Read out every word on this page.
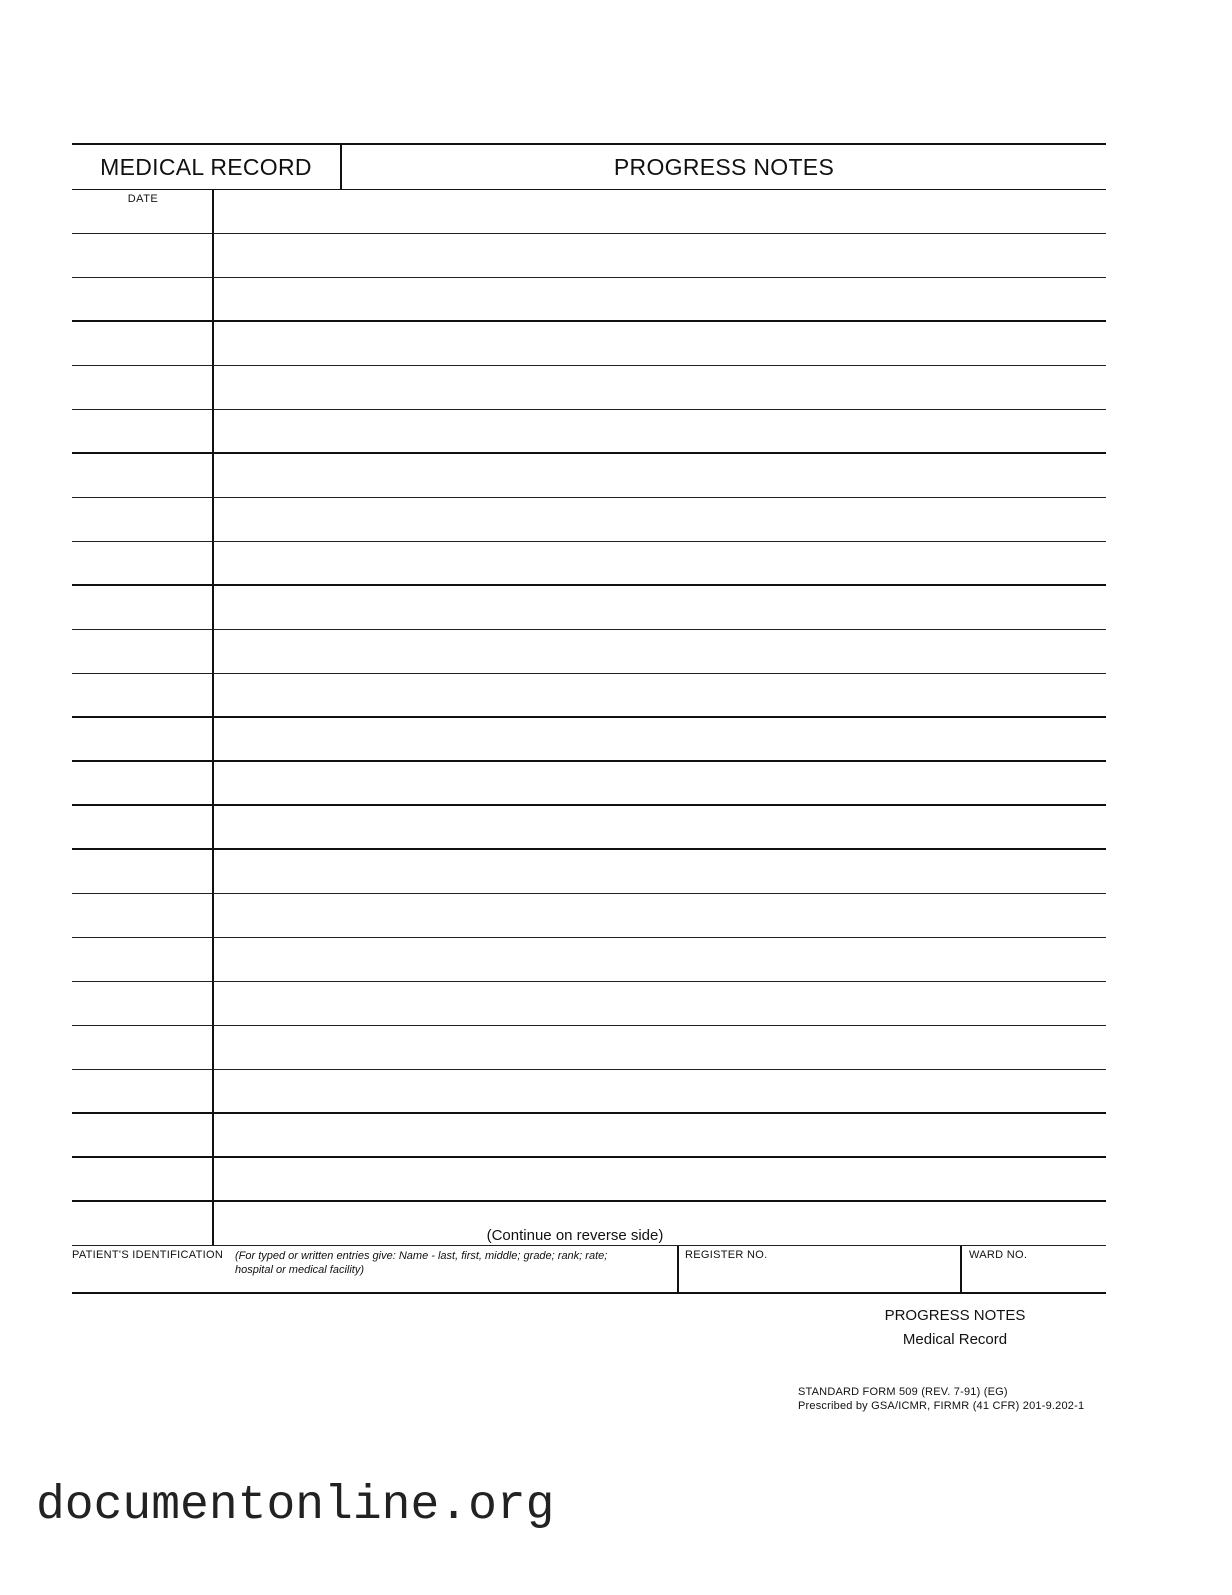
MEDICAL RECORD	PROGRESS NOTES
DATE
(Continue on reverse side)
PATIENT'S IDENTIFICATION (For typed or written entries give: Name - last, first, middle; grade; rank; rate;
hospital or medical facility)
REGISTER NO.	WARD NO.
PROGRESS NOTES
Medical Record
STANDARD FORM 509 (REV. 7-91) (EG)
Prescribed by GSA/ICMR, FIRMR (41 CFR) 201-9.202-1
documentonline.org
